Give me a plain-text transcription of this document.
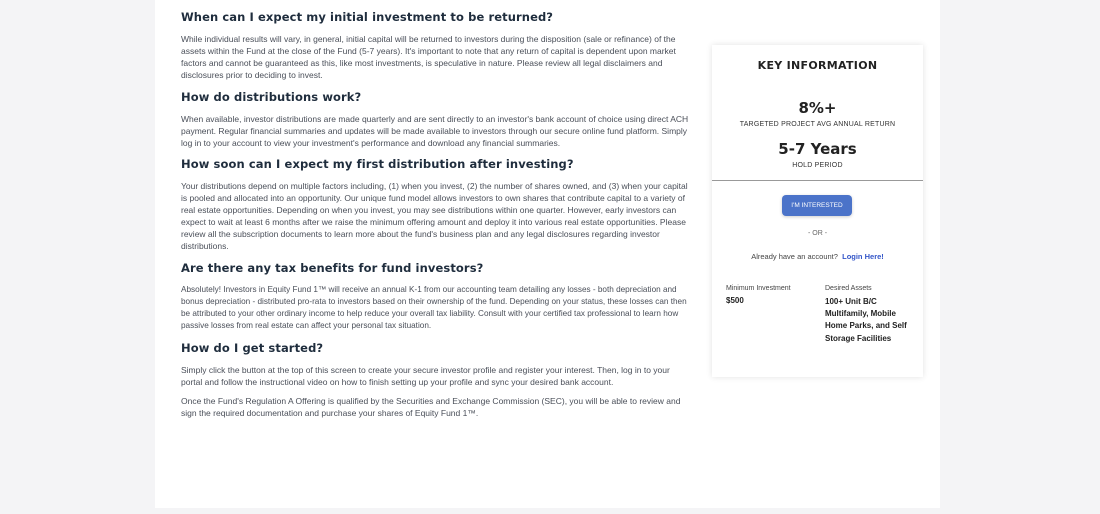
When can I expect my initial investment to be returned?

While individual results will vary, in general, initial capital will be returned to investors during the disposition (sale or refinance) of the assets within the Fund at the close of the Fund (5-7 years). It's important to note that any return of capital is dependent upon market factors and cannot be guaranteed as this, like most investments, is speculative in nature. Please review all legal disclaimers and disclosures prior to deciding to invest.

How do distributions work?

When available, investor distributions are made quarterly and are sent directly to an investor's bank account of choice using direct ACH payment. Regular financial summaries and updates will be made available to investors through our secure online fund platform. Simply log in to your account to view your investment's performance and download any financial summaries.

How soon can I expect my first distribution after investing?

Your distributions depend on multiple factors including, (1) when you invest, (2) the number of shares owned, and (3) when your capital is pooled and allocated into an opportunity. Our unique fund model allows investors to own shares that contribute capital to a variety of real estate opportunities. Depending on when you invest, you may see distributions within one quarter. However, early investors can expect to wait at least 6 months after we raise the minimum offering amount and deploy it into various real estate opportunities. Please review all the subscription documents to learn more about the fund's business plan and any legal disclosures regarding investor distributions.

Are there any tax benefits for fund investors?

Absolutely! Investors in Equity Fund 1™ will receive an annual K-1 from our accounting team detailing any losses - both depreciation and bonus depreciation - distributed pro-rata to investors based on their ownership of the fund. Depending on your status, these losses can then be attributed to your other ordinary income to help reduce your overall tax liability. Consult with your certified tax professional to learn how passive losses from real estate can affect your personal tax situation.

How do I get started?

Simply click the button at the top of this screen to create your secure investor profile and register your interest. Then, log in to your portal and follow the instructional video on how to finish setting up your profile and sync your desired bank account.

Once the Fund's Regulation A Offering is qualified by the Securities and Exchange Commission (SEC), you will be able to review and sign the required documentation and purchase your shares of Equity Fund 1™.

KEY INFORMATION
8%+
TARGETED PROJECT AVG ANNUAL RETURN
5-7 Years
HOLD PERIOD
I'M INTERESTED
- OR -
Already have an account? Login Here!
Minimum Investment
$500
Desired Assets
100+ Unit B/C Multifamily, Mobile Home Parks, and Self Storage Facilities
